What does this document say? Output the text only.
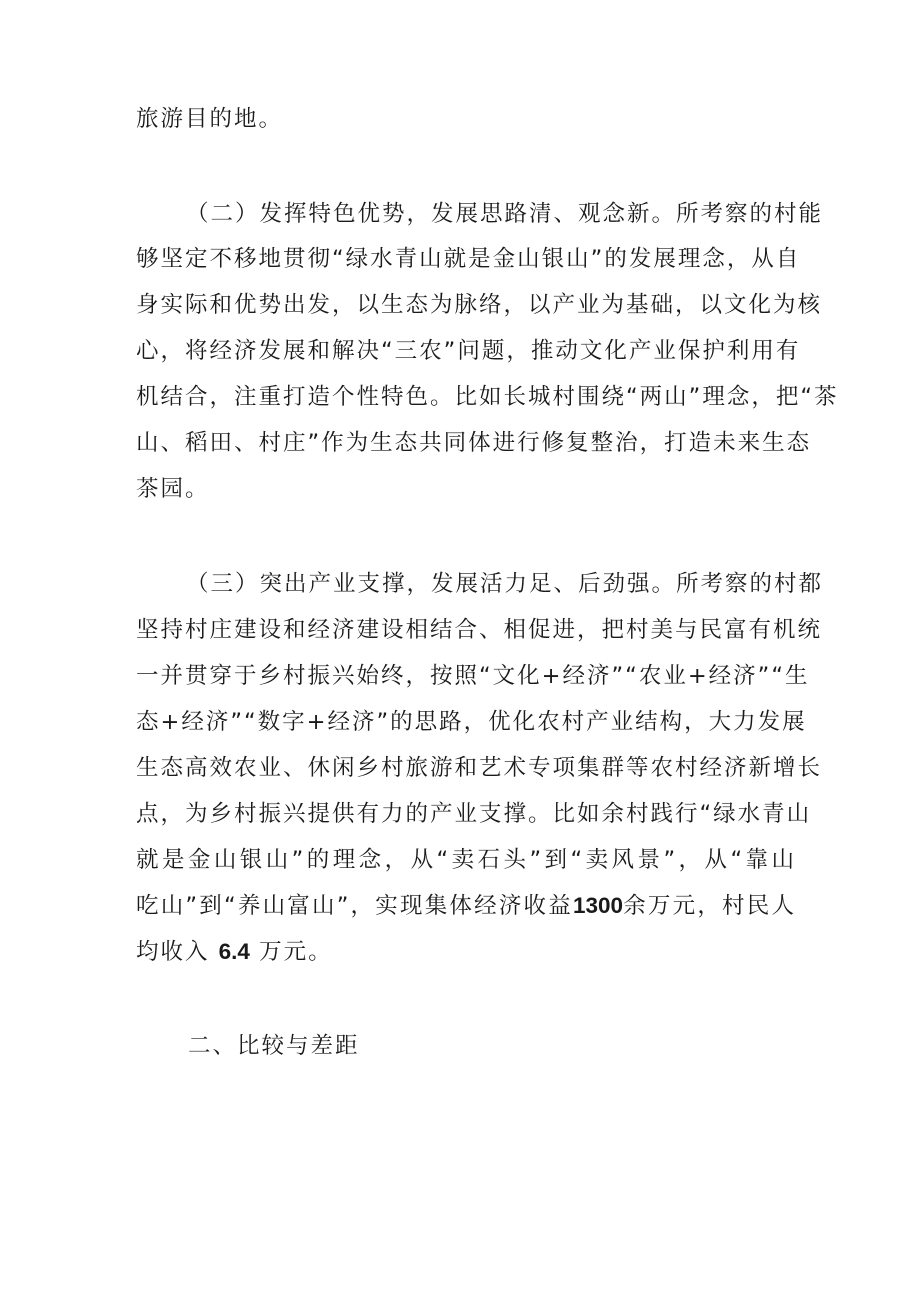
旅游目的地。
（二）发挥特色优势，发展思路清、观念新。所考察的村能
够坚定不移地贯彻“绿水青山就是金山银山”的发展理念，从自
身实际和优势出发，以生态为脉络，以产业为基础，以文化为核
心，将经济发展和解决“三农”问题，推动文化产业保护利用有
机结合，注重打造个性特色。比如长城村围绕“两山”理念，把“茶
山、稻田、村庄”作为生态共同体进行修复整治，打造未来生态
茶园。
（三）突出产业支撑，发展活力足、后劲强。所考察的村都
坚持村庄建设和经济建设相结合、相促进，把村美与民富有机统
一并贯穿于乡村振兴始终，按照“文化+经济”“农业+经济”“生
态+经济”“数字+经济”的思路，优化农村产业结构，大力发展
生态高效农业、休闲乡村旅游和艺术专项集群等农村经济新增长
点，为乡村振兴提供有力的产业支撑。比如余村践行“绿水青山
就是金山银山”的理念，从“卖石头”到“卖风景”，从“靠山
吃山”到“养山富山”，实现集体经济收益1300余万元，村民人
均收入 6.4 万元。
二、比较与差距
